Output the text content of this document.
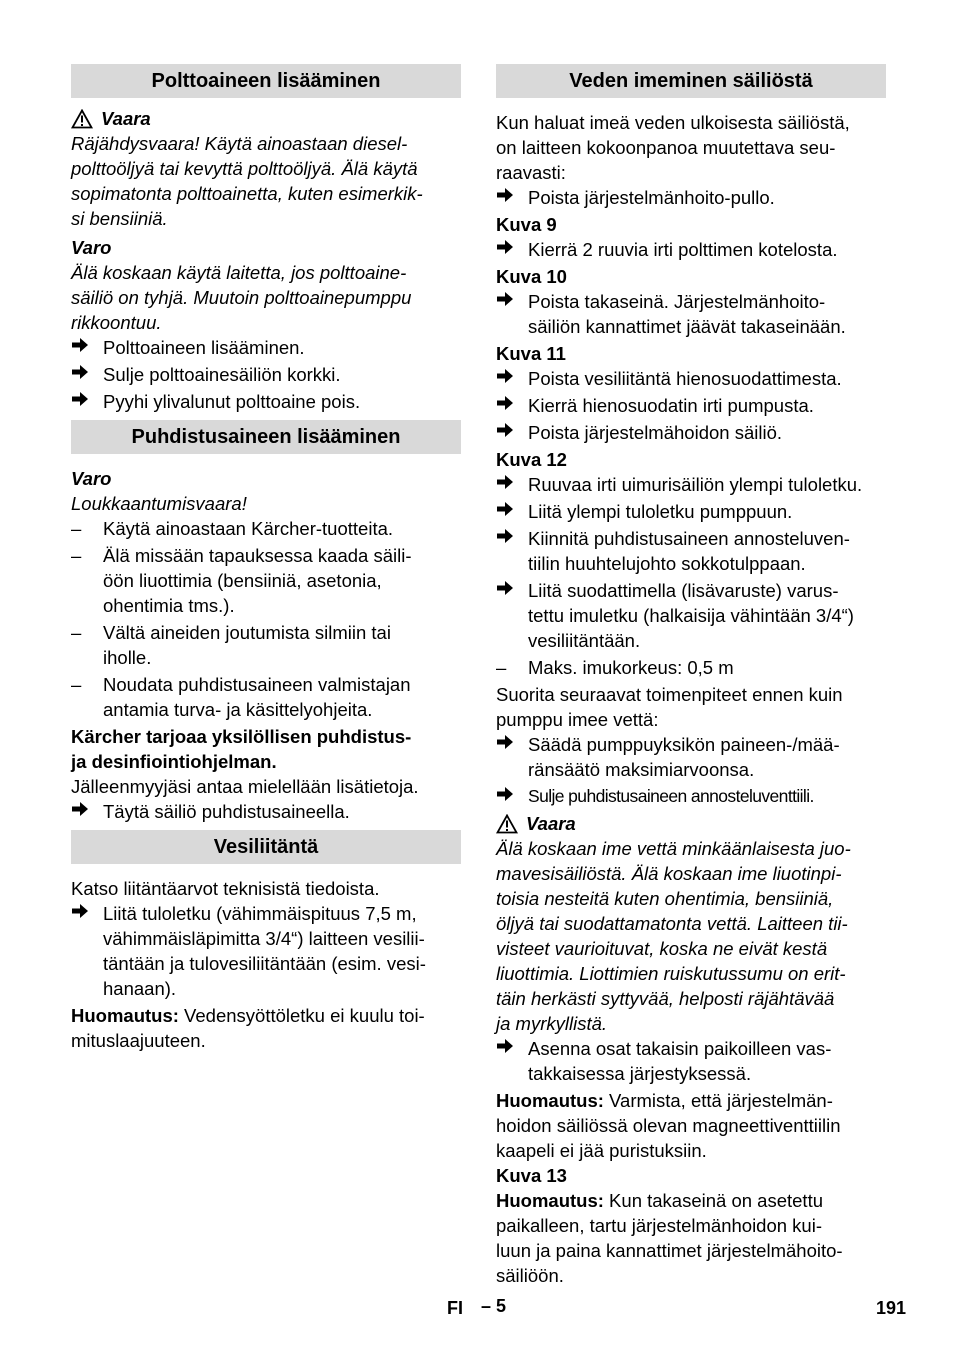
Polttoaineen lisääminen
Vaara

Räjähdysvaara! Käytä ainoastaan diesel-
polttoöljyä tai kevyttä polttoöljyä. Älä käytä
sopimatonta polttoainetta, kuten esimerkik-
si bensiiniä.

Varo

Älä koskaan käytä laitetta, jos polttoaine-
säiliö on tyhjä. Muutoin polttoainepumppu
rikkoontuu.

Polttoaineen lisääminen.
Sulje polttoainesäiliön korkki.
Pyyhi ylivalunut polttoaine pois.
Puhdistusaineen lisääminen

Varo

Loukkaantumisvaara!

–	Käytä ainoastaan Kärcher-tuotteita.
–	Älä missään tapauksessa kaada säili-
öön liuottimia (bensiiniä, asetonia,
ohentimia tms.).
–	Vältä aineiden joutumista silmiin tai
iholle.
–	Noudata puhdistusaineen valmistajan
antamia turva- ja käsittelyohjeita.

Kärcher tarjoaa yksilöllisen puhdistus-
ja desinfiointiohjelman.

Jälleenmyyjäsi antaa mielellään lisätietoja.

Täytä säiliö puhdistusaineella.
Vesiliitäntä

Katso liitäntäarvot teknisistä tiedoista.

Liitä tuloletku (vähimmäispituus 7,5 m,
vähimmäisläpimitta 3/4“) laitteen vesilii-
täntään ja tulovesiliitäntään (esim. vesi-
hanaan).

Huomautus: Vedensyöttöletku ei kuulu toi-
mituslaajuuteen.

Veden imeminen säiliöstä

Kun haluat imeä veden ulkoisesta säiliöstä,
on laitteen kokoonpanoa muutettava seu-
raavasti:

Poista järjestelmänhoito-pullo.

Kuva 9

Kierrä 2 ruuvia irti polttimen kotelosta.

Kuva 10

Poista takaseinä. Järjestelmänhoito-
säiliön kannattimet jäävät takaseinään.

Kuva 11

Poista vesiliitäntä hienosuodattimesta.
Kierrä hienosuodatin irti pumpusta.
Poista järjestelmähoidon säiliö.

Kuva 12

Ruuvaa irti uimurisäiliön ylempi tuloletku.
Liitä ylempi tuloletku pumppuun.
Kiinnitä puhdistusaineen annosteluven-
tiilin huuhtelujohto sokkotulppaan.
Liitä suodattimella (lisävaruste) varus-
tettu imuletku (halkaisija vähintään 3/4“)
vesiliitäntään.
–	Maks. imukorkeus: 0,5 m

Suorita seuraavat toimenpiteet ennen kuin
pumppu imee vettä:

Säädä pumppuyksikön paineen-/mää-
ränsäätö maksimiarvoonsa.
Sulje puhdistusaineen annosteluventtiili.
Vaara

Älä koskaan ime vettä minkäänlaisesta juo-
mavesisäiliöstä. Älä koskaan ime liuotinpi-
toisia nesteitä kuten ohentimia, bensiiniä,
öljyä tai suodattamatonta vettä. Laitteen tii-
visteet vaurioituvat, koska ne eivät kestä
liuottimia. Liottimien ruiskutussumu on erit-
täin herkästi syttyvää, helposti räjähtävää
ja myrkyllistä.

Asenna osat takaisin paikoilleen vas-
takkaisessa järjestyksessä.

Huomautus: Varmista, että järjestelmän-
hoidon säiliössä olevan magneettiventtiilin
kaapeli ei jää puristuksiin.

Kuva 13

Huomautus: Kun takaseinä on asetettu
paikalleen, tartu järjestelmänhoidon kui-
luun ja paina kannattimet järjestelmähoito-
säiliöön.

FI – 5	191
